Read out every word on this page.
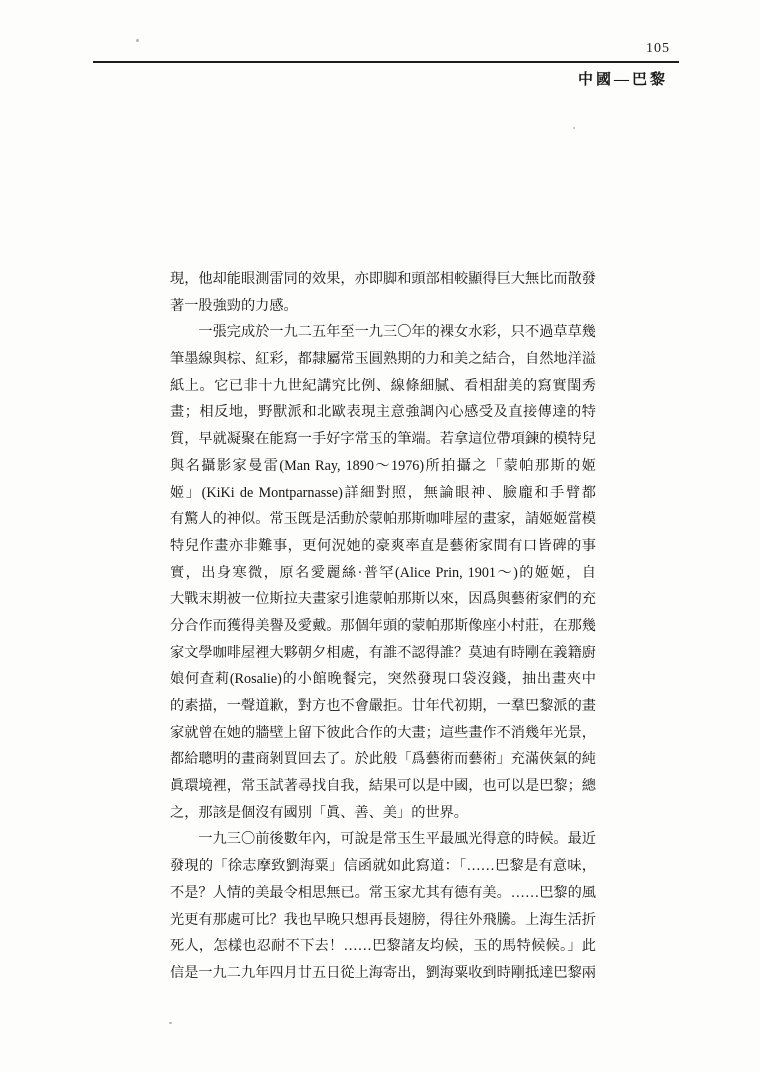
105
中國—巴黎
現，他却能眼測雷同的效果，亦即脚和頭部相較顯得巨大無比而散發
著一股強勁的力感。
　　一張完成於一九二五年至一九三〇年的裸女水彩，只不過草草幾
筆墨線與棕、紅彩，都隸屬常玉圓熟期的力和美之結合，自然地洋溢
紙上。它已非十九世紀講究比例、線條細膩、看相甜美的寫實閨秀
畫；相反地，野獸派和北歐表現主意強調內心感受及直接傳達的特
質，早就凝聚在能寫一手好字常玉的筆端。若拿這位帶項鍊的模特兒
與名攝影家曼雷(Man Ray, 1890～1976)所拍攝之「蒙帕那斯的姬
姬」(KiKi de Montparnasse)詳細對照，無論眼神、臉龐和手臂都
有驚人的神似。常玉旣是活動於蒙帕那斯咖啡屋的畫家，請姬姬當模
特兒作畫亦非難事，更何況她的豪爽率直是藝術家間有口皆碑的事
實，出身寒微，原名愛麗絲·普罕(Alice Prin, 1901～)的姬姬，自
大戰末期被一位斯拉夫畫家引進蒙帕那斯以來，因爲與藝術家們的充
分合作而獲得美譽及愛戴。那個年頭的蒙帕那斯像座小村莊，在那幾
家文學咖啡屋裡大夥朝夕相處，有誰不認得誰？莫迪有時剛在義籍廚
娘何查莉(Rosalie)的小館晚餐完，突然發現口袋沒錢，抽出畫夾中
的素描，一聲道歉，對方也不會嚴拒。廿年代初期，一羣巴黎派的畫
家就曾在她的牆壁上留下彼此合作的大畫；這些畫作不消幾年光景，
都給聰明的畫商剝買回去了。於此般「爲藝術而藝術」充滿俠氣的純
眞環境裡，常玉試著尋找自我，結果可以是中國，也可以是巴黎；總
之，那該是個沒有國別「眞、善、美」的世界。
　　一九三〇前後數年內，可說是常玉生平最風光得意的時候。最近
發現的「徐志摩致劉海粟」信函就如此寫道：「……巴黎是有意味，
不是？人情的美最令相思無已。常玉家尤其有德有美。……巴黎的風
光更有那處可比？我也早晚只想再長翅膀，得往外飛騰。上海生活折
死人，怎樣也忍耐不下去！……巴黎諸友均候，玉的馬特候候。」此
信是一九二九年四月廿五日從上海寄出，劉海粟收到時剛抵達巴黎兩
